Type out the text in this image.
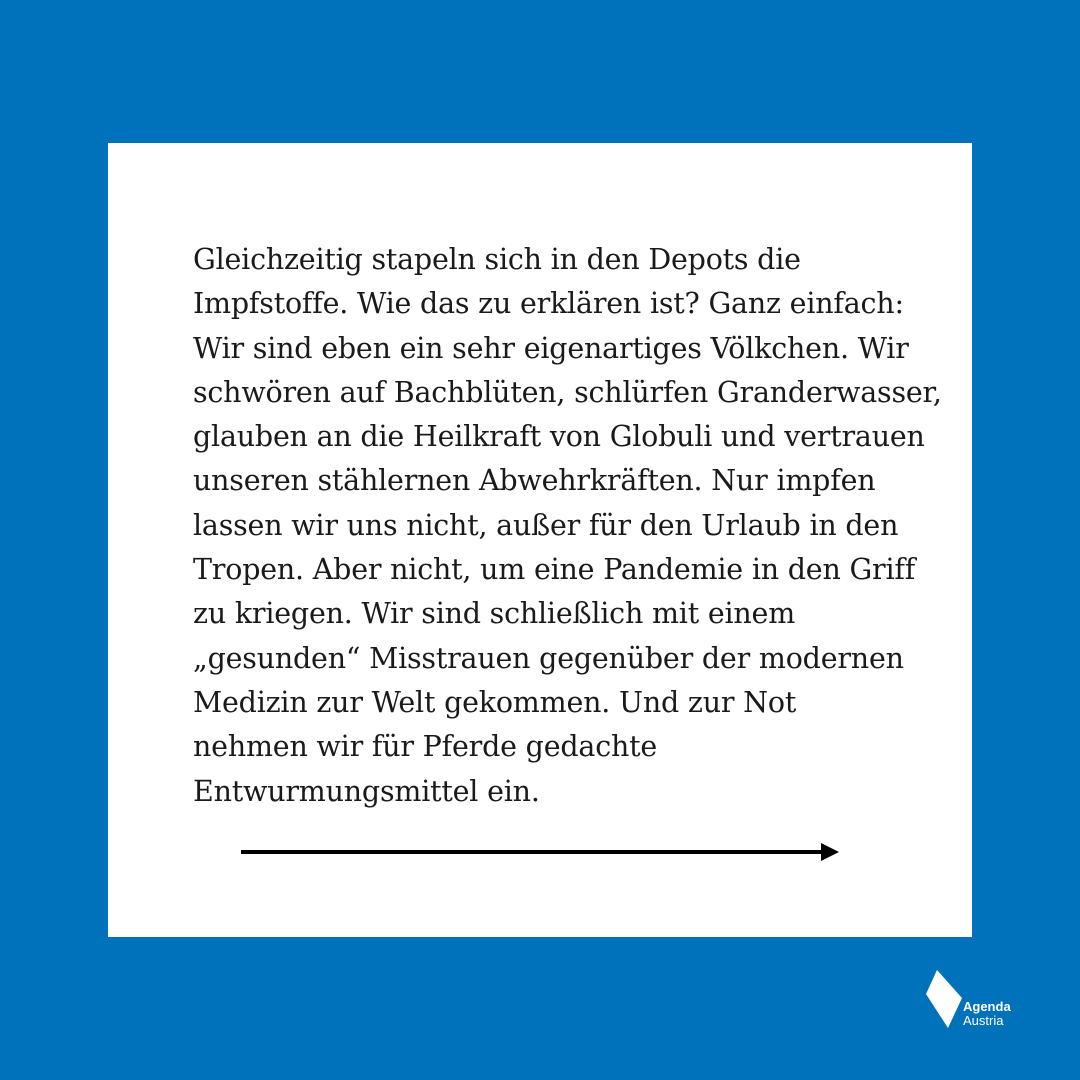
Gleichzeitig stapeln sich in den Depots die
Impfstoffe. Wie das zu erklären ist? Ganz einfach:
Wir sind eben ein sehr eigenartiges Völkchen. Wir
schwören auf Bachblüten, schlürfen Granderwasser,
glauben an die Heilkraft von Globuli und vertrauen
unseren stählernen Abwehrkräften. Nur impfen
lassen wir uns nicht, außer für den Urlaub in den
Tropen. Aber nicht, um eine Pandemie in den Griff
zu kriegen. Wir sind schließlich mit einem
„gesunden“ Misstrauen gegenüber der modernen
Medizin zur Welt gekommen. Und zur Not
nehmen wir für Pferde gedachte
Entwurmungsmittel ein.

Agenda
Austria
